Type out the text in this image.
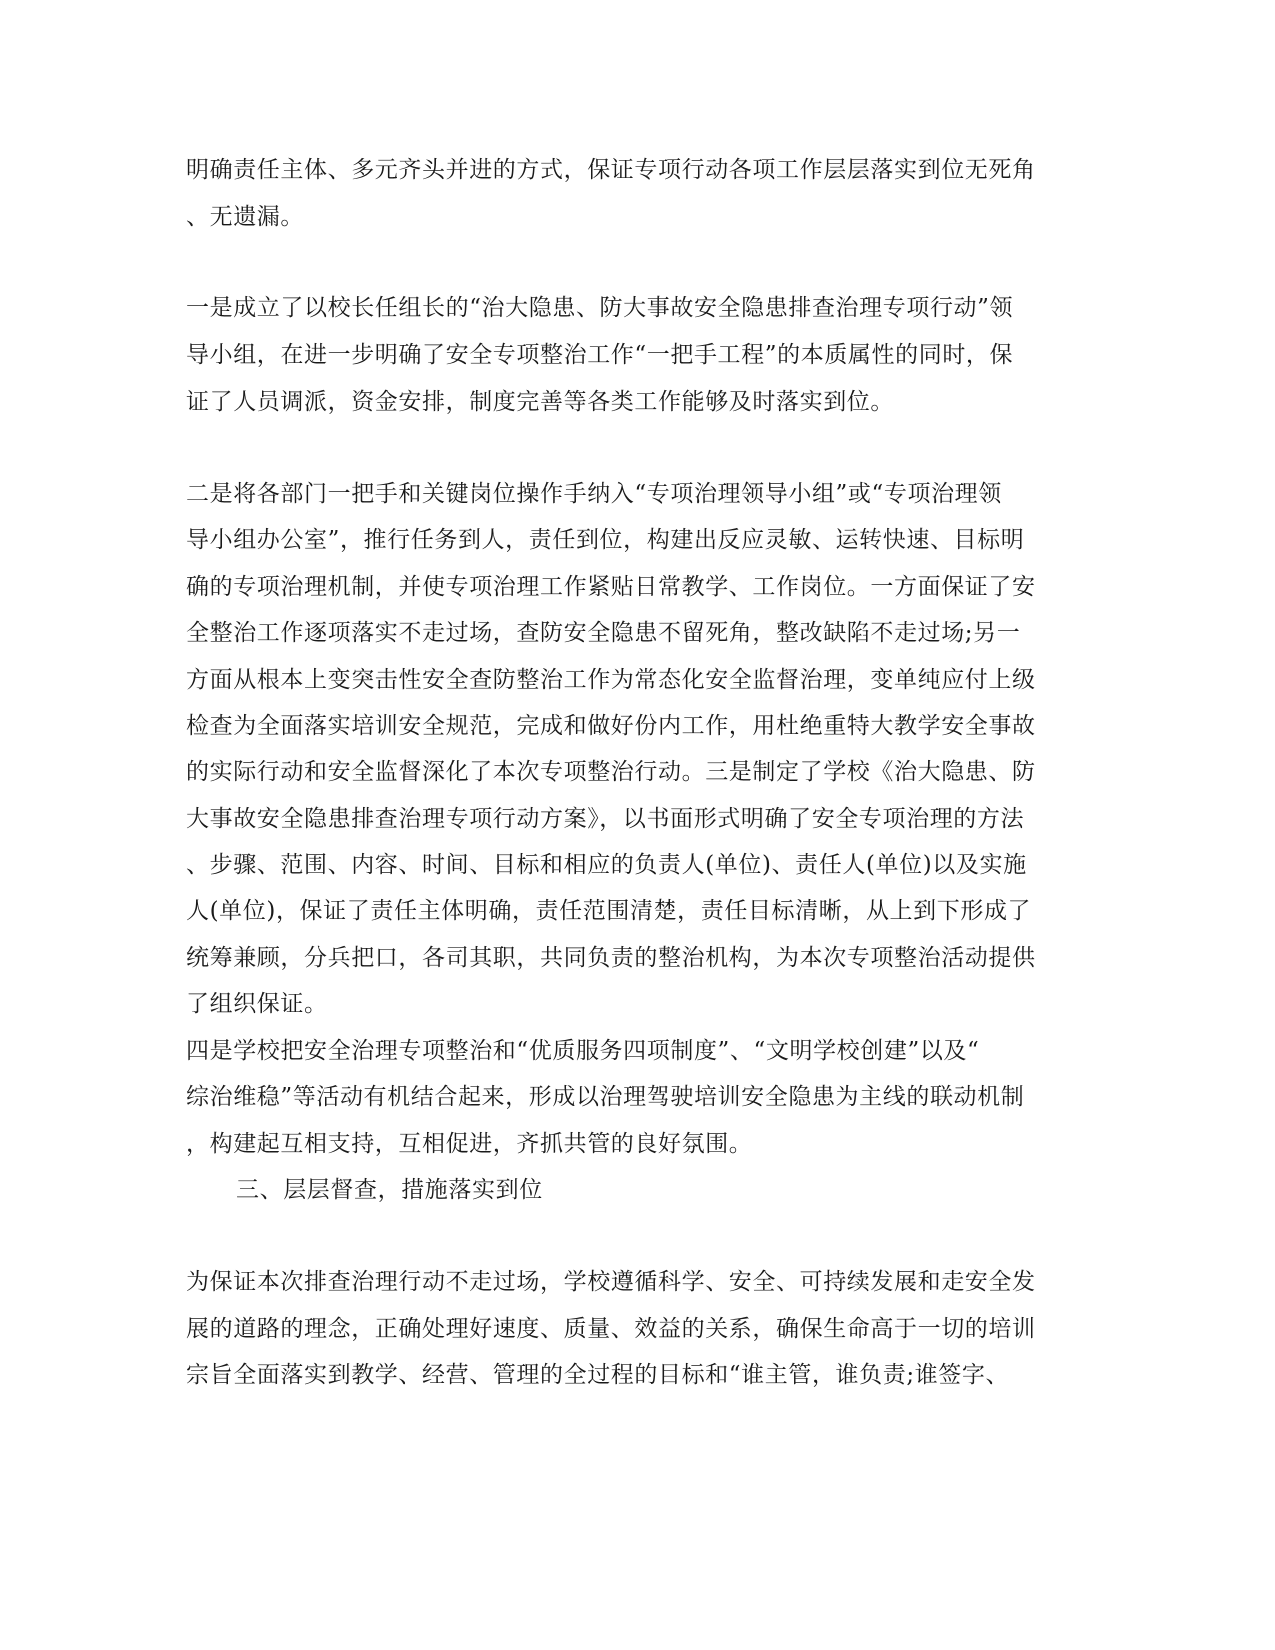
明确责任主体、多元齐头并进的方式，保证专项行动各项工作层层落实到位无死角
、无遗漏。
一是成立了以校长任组长的“治大隐患、防大事故安全隐患排查治理专项行动”领
导小组，在进一步明确了安全专项整治工作“一把手工程”的本质属性的同时，保
证了人员调派，资金安排，制度完善等各类工作能够及时落实到位。
二是将各部门一把手和关键岗位操作手纳入“专项治理领导小组”或“专项治理领
导小组办公室”，推行任务到人，责任到位，构建出反应灵敏、运转快速、目标明
确的专项治理机制，并使专项治理工作紧贴日常教学、工作岗位。一方面保证了安
全整治工作逐项落实不走过场，查防安全隐患不留死角，整改缺陷不走过场;另一
方面从根本上变突击性安全查防整治工作为常态化安全监督治理，变单纯应付上级
检查为全面落实培训安全规范，完成和做好份内工作，用杜绝重特大教学安全事故
的实际行动和安全监督深化了本次专项整治行动。三是制定了学校《治大隐患、防
大事故安全隐患排查治理专项行动方案》，以书面形式明确了安全专项治理的方法
、步骤、范围、内容、时间、目标和相应的负责人(单位)、责任人(单位)以及实施
人(单位)，保证了责任主体明确，责任范围清楚，责任目标清晰，从上到下形成了
统筹兼顾，分兵把口，各司其职，共同负责的整治机构，为本次专项整治活动提供
了组织保证。
四是学校把安全治理专项整治和“优质服务四项制度”、“文明学校创建”以及“
综治维稳”等活动有机结合起来，形成以治理驾驶培训安全隐患为主线的联动机制
，构建起互相支持，互相促进，齐抓共管的良好氛围。
三、层层督查，措施落实到位
为保证本次排查治理行动不走过场，学校遵循科学、安全、可持续发展和走安全发
展的道路的理念，正确处理好速度、质量、效益的关系，确保生命高于一切的培训
宗旨全面落实到教学、经营、管理的全过程的目标和“谁主管，谁负责;谁签字、
